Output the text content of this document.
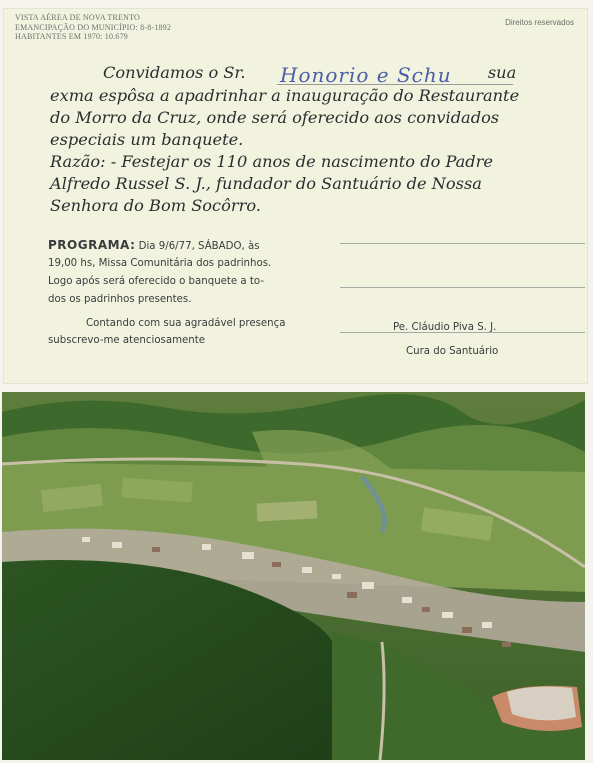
VISTA AÉREA DE NOVA TRENTO
EMANCIPAÇÃO DO MUNICÍPIO: 8-8-1892
HABITANTES EM 1970: 10.679
Direitos reservados
Convidamos o Sr.	sua
Honorio e Schu
exma espôsa a apadrinhar a inauguração do Restaurante
do Morro da Cruz, onde será oferecido aos convidados
especiais um banquete.
Razão: - Festejar os 110 anos de nascimento do Padre
Alfredo Russel S. J., fundador do Santuário de Nossa
Senhora do Bom Socôrro.
PROGRAMA: Dia 9/6/77, SÁBADO, às
19,00 hs, Missa Comunitária dos padrinhos.
Logo após será oferecido o banquete a to-
dos os padrinhos presentes.
Contando com sua agradável presença
subscrevo-me atenciosamente
Pe. Cláudio Piva S. J.
Cura do Santuário
